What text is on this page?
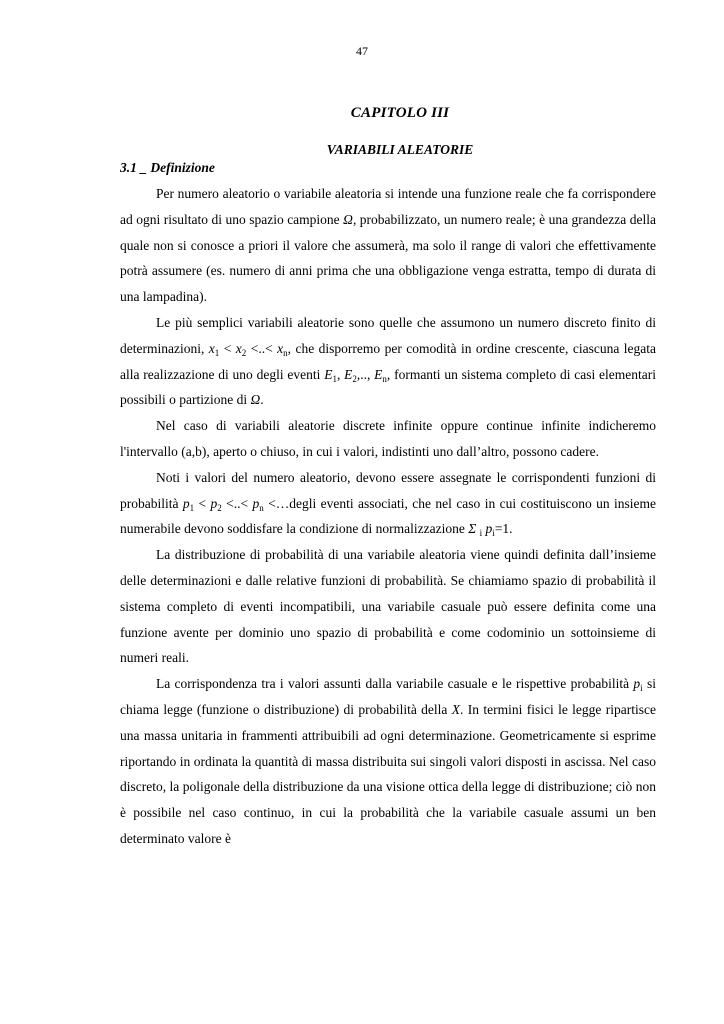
47
CAPITOLO III
VARIABILI ALEATORIE
3.1 _ Definizione

Per numero aleatorio o variabile aleatoria si intende una funzione reale che fa corrispondere ad ogni risultato di uno spazio campione Ω, probabilizzato, un numero reale; è una grandezza della quale non si conosce a priori il valore che assumerà, ma solo il range di valori che effettivamente potrà assumere (es. numero di anni prima che una obbligazione venga estratta, tempo di durata di una lampadina).

Le più semplici variabili aleatorie sono quelle che assumono un numero discreto finito di determinazioni, $x_1 < x_2$ <..< $x_n$, che disporremo per comodità in ordine crescente, ciascuna legata alla realizzazione di uno degli eventi $E_1$, $E_2$,.., $E_n$, formanti un sistema completo di casi elementari possibili o partizione di Ω.

Nel caso di variabili aleatorie discrete infinite oppure continue infinite indicheremo l'intervallo (a,b), aperto o chiuso, in cui i valori, indistinti uno dall’altro, possono cadere.

Noti i valori del numero aleatorio, devono essere assegnate le corrispondenti funzioni di probabilità $p_1 < p_2$ <..< $p_n$ <…degli eventi associati, che nel caso in cui costituiscono un insieme numerabile devono soddisfare la condizione di normalizzazione Σ $_i$ $p_i=1$.

La distribuzione di probabilità di una variabile aleatoria viene quindi definita dall’insieme delle determinazioni e dalle relative funzioni di probabilità. Se chiamiamo spazio di probabilità il sistema completo di eventi incompatibili, una variabile casuale può essere definita come una funzione avente per dominio uno spazio di probabilità e come codominio un sottoinsieme di numeri reali.

La corrispondenza tra i valori assunti dalla variabile casuale e le rispettive probabilità $p_i$ si chiama legge (funzione o distribuzione) di probabilità della X. In termini fisici le legge ripartisce una massa unitaria in frammenti attribuibili ad ogni determinazione. Geometricamente si esprime riportando in ordinata la quantità di massa distribuita sui singoli valori disposti in ascissa. Nel caso discreto, la poligonale della distribuzione da una visione ottica della legge di distribuzione; ciò non è possibile nel caso continuo, in cui la probabilità che la variabile casuale assumi un ben determinato valore è
